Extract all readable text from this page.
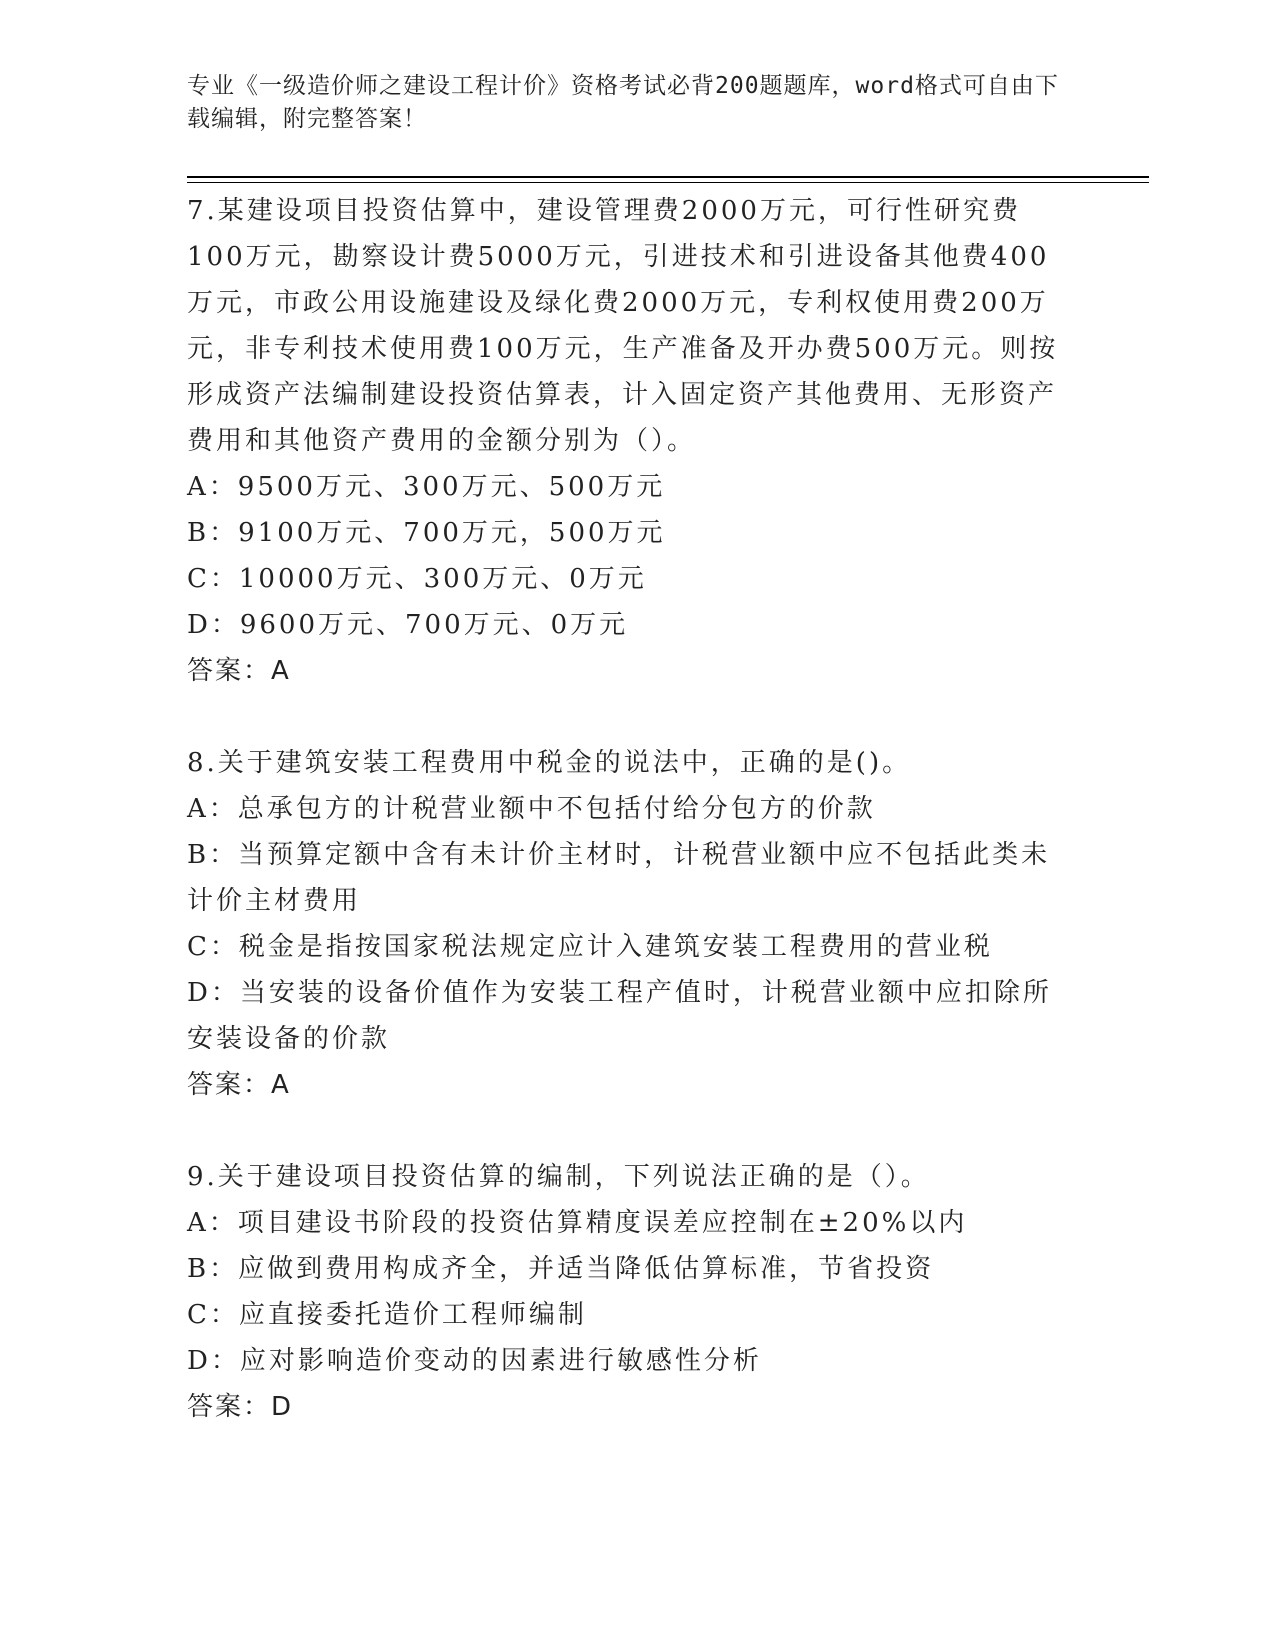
专业《一级造价师之建设工程计价》资格考试必背200题题库，word格式可自由下载编辑，附完整答案！

7.某建设项目投资估算中，建设管理费2000万元，可行性研究费100万元，勘察设计费5000万元，引进技术和引进设备其他费400万元，市政公用设施建设及绿化费2000万元，专利权使用费200万元，非专利技术使用费100万元，生产准备及开办费500万元。则按形成资产法编制建设投资估算表，计入固定资产其他费用、无形资产费用和其他资产费用的金额分别为（）。

A：9500万元、300万元、500万元

B：9100万元、700万元，500万元

C：10000万元、300万元、0万元

D：9600万元、700万元、0万元

答案：A

8.关于建筑安装工程费用中税金的说法中，正确的是()。

A：总承包方的计税营业额中不包括付给分包方的价款

B：当预算定额中含有未计价主材时，计税营业额中应不包括此类未计价主材费用

C：税金是指按国家税法规定应计入建筑安装工程费用的营业税

D：当安装的设备价值作为安装工程产值时，计税营业额中应扣除所安装设备的价款

答案：A

9.关于建设项目投资估算的编制，下列说法正确的是（）。

A：项目建设书阶段的投资估算精度误差应控制在±20%以内

B：应做到费用构成齐全，并适当降低估算标准，节省投资

C：应直接委托造价工程师编制

D：应对影响造价变动的因素进行敏感性分析

答案：D
